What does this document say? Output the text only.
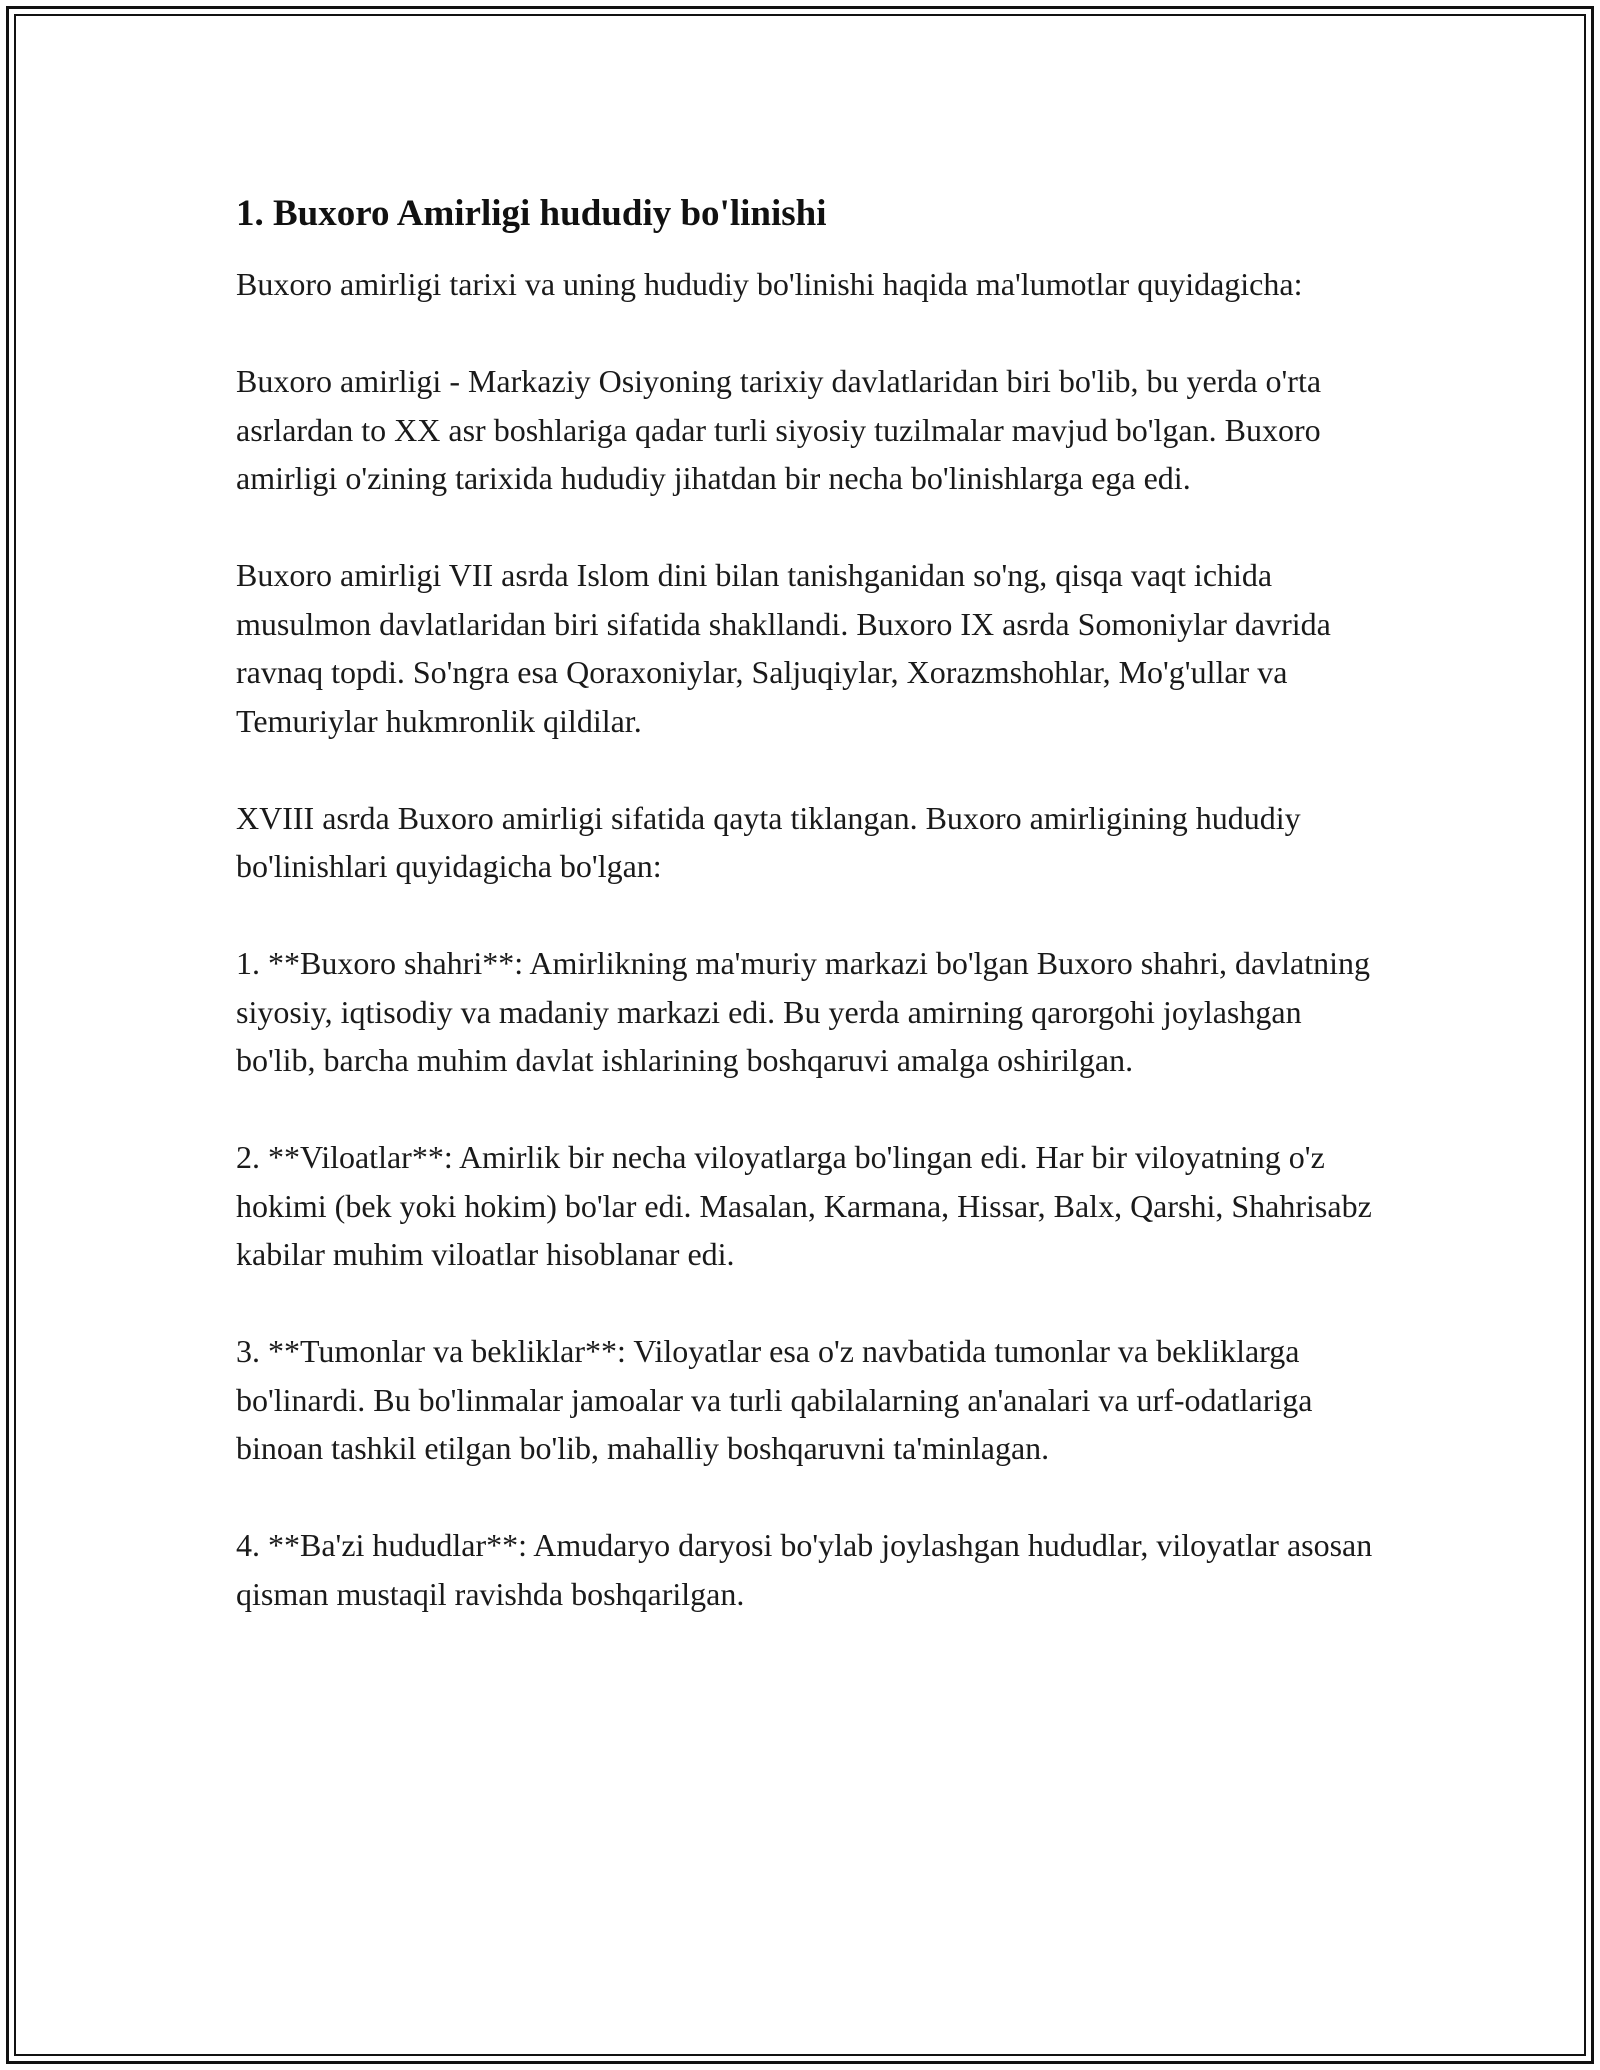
1. Buxoro Amirligi hududiy bo'linishi

Buxoro amirligi tarixi va uning hududiy bo'linishi haqida ma'lumotlar quyidagicha:

Buxoro amirligi - Markaziy Osiyoning tarixiy davlatlaridan biri bo'lib, bu yerda o'rta asrlardan to XX asr boshlariga qadar turli siyosiy tuzilmalar mavjud bo'lgan. Buxoro amirligi o'zining tarixida hududiy jihatdan bir necha bo'linishlarga ega edi.

Buxoro amirligi VII asrda Islom dini bilan tanishganidan so'ng, qisqa vaqt ichida musulmon davlatlaridan biri sifatida shakllandi. Buxoro IX asrda Somoniylar davrida ravnaq topdi. So'ngra esa Qoraxoniylar, Saljuqiylar, Xorazmshohlar, Mo'g'ullar va Temuriylar hukmronlik qildilar.

XVIII asrda Buxoro amirligi sifatida qayta tiklangan. Buxoro amirligining hududiy bo'linishlari quyidagicha bo'lgan:

1. **Buxoro shahri**: Amirlikning ma'muriy markazi bo'lgan Buxoro shahri, davlatning siyosiy, iqtisodiy va madaniy markazi edi. Bu yerda amirning qarorgohi joylashgan bo'lib, barcha muhim davlat ishlarining boshqaruvi amalga oshirilgan.

2. **Viloatlar**: Amirlik bir necha viloyatlarga bo'lingan edi. Har bir viloyatning o'z hokimi (bek yoki hokim) bo'lar edi. Masalan, Karmana, Hissar, Balx, Qarshi, Shahrisabz kabilar muhim viloatlar hisoblanar edi.

3. **Tumonlar va bekliklar**: Viloyatlar esa o'z navbatida tumonlar va bekliklarga bo'linardi. Bu bo'linmalar jamoalar va turli qabilalarning an'analari va urf-odatlariga binoan tashkil etilgan bo'lib, mahalliy boshqaruvni ta'minlagan.

4. **Ba'zi hududlar**: Amudaryo daryosi bo'ylab joylashgan hududlar, viloyatlar asosan qisman mustaqil ravishda boshqarilgan.
